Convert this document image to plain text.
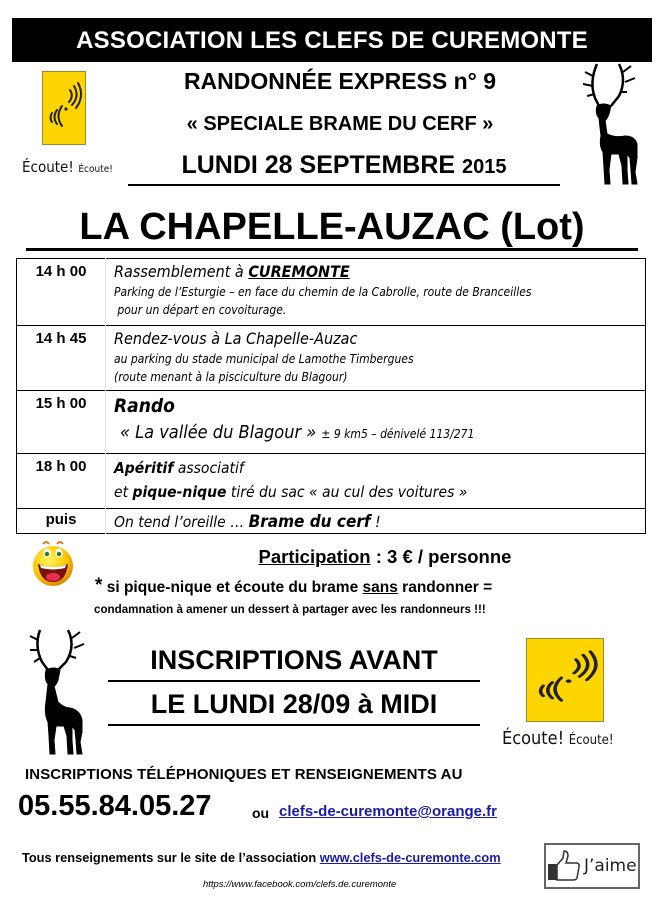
ASSOCIATION LES CLEFS DE CUREMONTE
Écoute! Écoute!
RANDONNÉE EXPRESS n° 9
« SPECIALE BRAME DU CERF »
LUNDI 28 SEPTEMBRE 2015
LA CHAPELLE-AUZAC (Lot)
14 h 00	Rassemblement à CUREMONTE
Parking de l’Esturgie – en face du chemin de la Cabrolle, route de Branceilles
pour un départ en covoiturage.

14 h 45	Rendez-vous à La Chapelle-Auzac
au parking du stade municipal de Lamothe Timbergues
(route menant à la pisciculture du Blagour)

15 h 00	Rando
« La vallée du Blagour » ± 9 km5 – dénivelé 113/271

18 h 00	Apéritif associatif
et pique-nique tiré du sac « au cul des voitures »

puis	On tend l’oreille … Brame du cerf !
Participation : 3 € / personne
* si pique-nique et écoute du brame sans randonner =
condamnation à amener un dessert à partager avec les randonneurs !!!
INSCRIPTIONS AVANT
LE LUNDI 28/09 à MIDI
Écoute! Écoute!
INSCRIPTIONS TÉLÉPHONIQUES ET RENSEIGNEMENTS AU
05.55.84.05.27	ou clefs-de-curemonte@orange.fr
Tous renseignements sur le site de l’association www.clefs-de-curemonte.com
https://www.facebook.com/clefs.de.curemonte
J’aime
